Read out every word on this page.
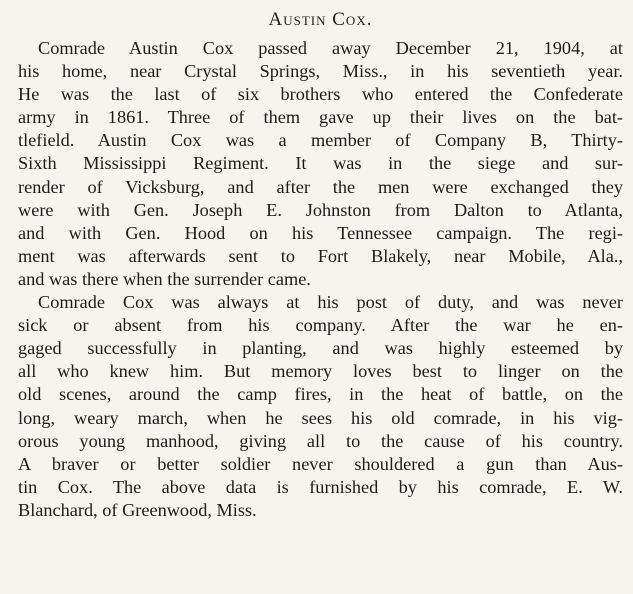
Austin Cox.
Comrade Austin Cox passed away December 21, 1904, at
his home, near Crystal Springs, Miss., in his seventieth year.
He was the last of six brothers who entered the Confederate
army in 1861. Three of them gave up their lives on the bat-
tlefield. Austin Cox was a member of Company B, Thirty-
Sixth Mississippi Regiment. It was in the siege and sur-
render of Vicksburg, and after the men were exchanged they
were with Gen. Joseph E. Johnston from Dalton to Atlanta,
and with Gen. Hood on his Tennessee campaign. The regi-
ment was afterwards sent to Fort Blakely, near Mobile, Ala.,
and was there when the surrender came.
Comrade Cox was always at his post of duty, and was never
sick or absent from his company. After the war he en-
gaged successfully in planting, and was highly esteemed by
all who knew him. But memory loves best to linger on the
old scenes, around the camp fires, in the heat of battle, on the
long, weary march, when he sees his old comrade, in his vig-
orous young manhood, giving all to the cause of his country.
A braver or better soldier never shouldered a gun than Aus-
tin Cox. The above data is furnished by his comrade, E. W.
Blanchard, of Greenwood, Miss.
